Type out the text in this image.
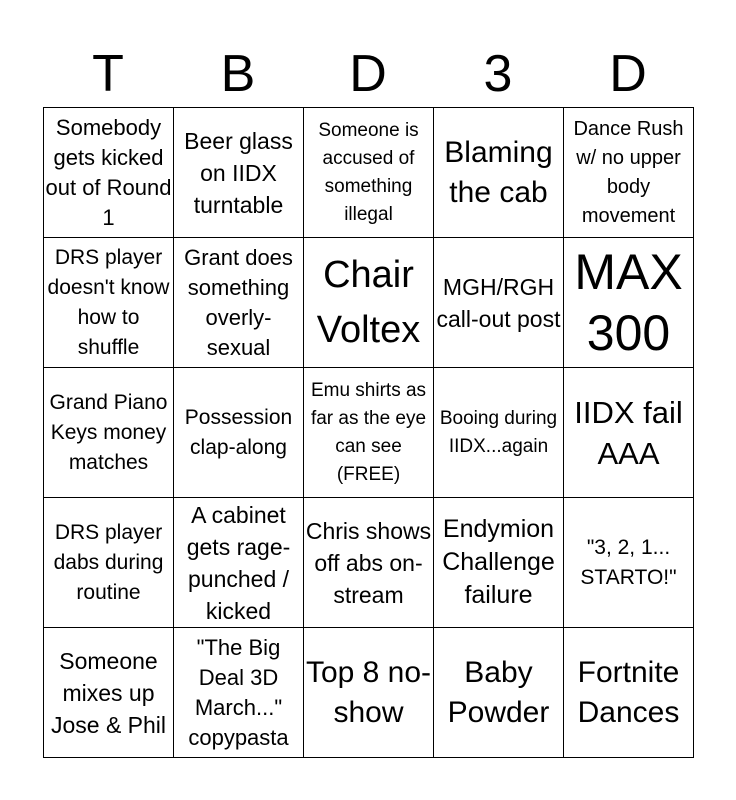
T	B	D	3	D
Somebody gets kicked out of Round 1	Beer glass on IIDX turntable	Someone is accused of something illegal	Blaming the cab	Dance Rush w/ no upper body movement

DRS player doesn't know how to shuffle	Grant does something overly-sexual	Chair Voltex	MGH/RGH call-out post	MAX 300

Grand Piano Keys money matches	Possession clap-along	Emu shirts as far as the eye can see (FREE)	Booing during IIDX...again	IIDX fail AAA

DRS player dabs during routine	A cabinet gets rage-punched / kicked	Chris shows off abs on-stream	Endymion Challenge failure	"3, 2, 1... STARTO!"

Someone mixes up Jose & Phil	"The Big Deal 3D March..." copypasta	Top 8 no-show	Baby Powder	Fortnite Dances
